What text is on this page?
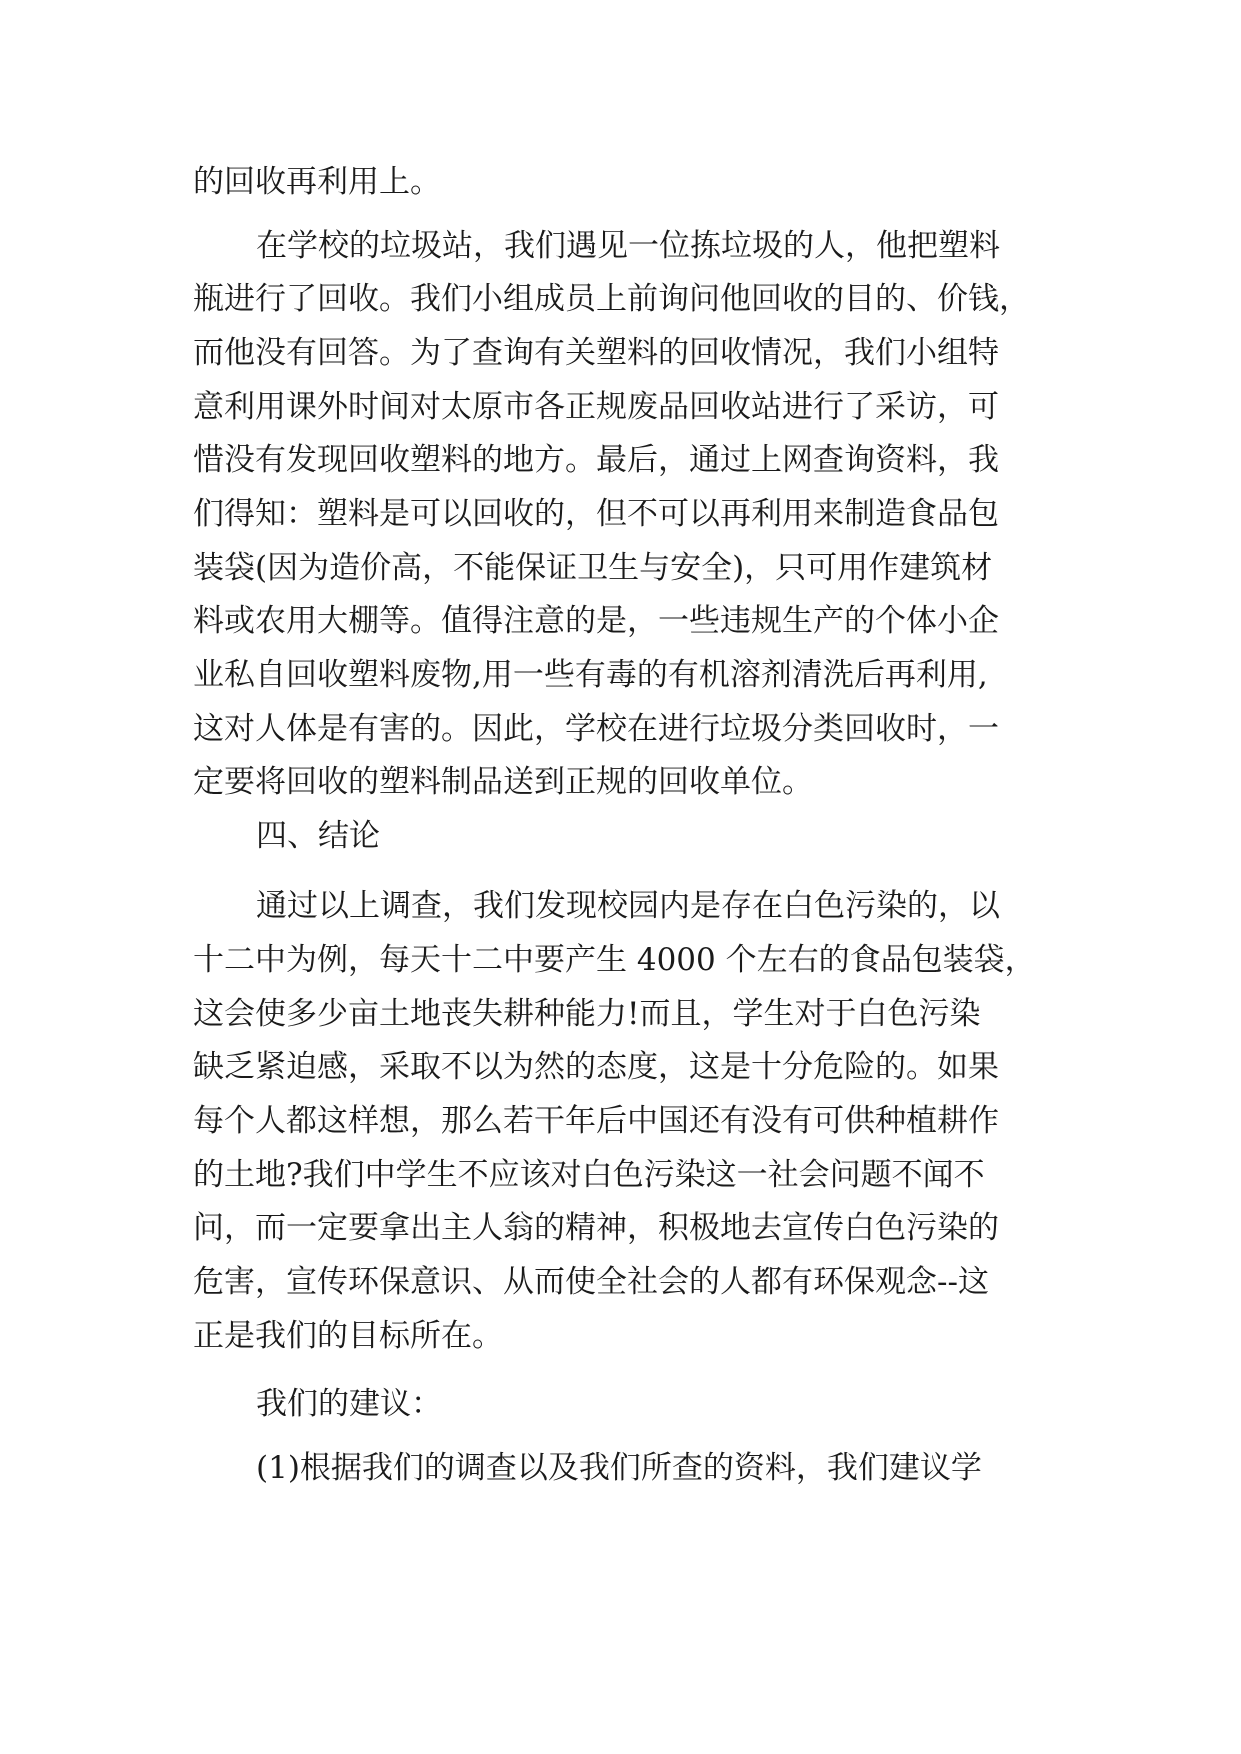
的回收再利用上。
在学校的垃圾站，我们遇见一位拣垃圾的人，他把塑料
瓶进行了回收。我们小组成员上前询问他回收的目的、价钱，
而他没有回答。为了查询有关塑料的回收情况，我们小组特
意利用课外时间对太原市各正规废品回收站进行了采访，可
惜没有发现回收塑料的地方。最后，通过上网查询资料，我
们得知：塑料是可以回收的，但不可以再利用来制造食品包
装袋(因为造价高，不能保证卫生与安全)，只可用作建筑材
料或农用大棚等。值得注意的是，一些违规生产的个体小企
业私自回收塑料废物,用一些有毒的有机溶剂清洗后再利用,
这对人体是有害的。因此，学校在进行垃圾分类回收时，一
定要将回收的塑料制品送到正规的回收单位。
四、结论
通过以上调查，我们发现校园内是存在白色污染的，以
十二中为例，每天十二中要产生 4000 个左右的食品包装袋，
这会使多少亩土地丧失耕种能力!而且，学生对于白色污染
缺乏紧迫感，采取不以为然的态度，这是十分危险的。如果
每个人都这样想，那么若干年后中国还有没有可供种植耕作
的土地?我们中学生不应该对白色污染这一社会问题不闻不
问，而一定要拿出主人翁的精神，积极地去宣传白色污染的
危害，宣传环保意识、从而使全社会的人都有环保观念--这
正是我们的目标所在。
我们的建议：
(1)根据我们的调查以及我们所查的资料，我们建议学
